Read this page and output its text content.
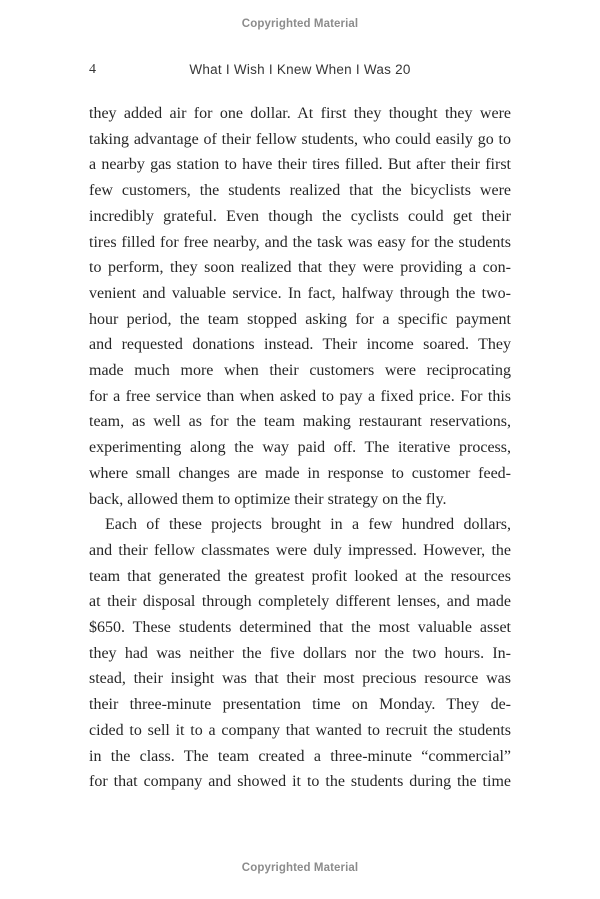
Copyrighted Material
4	What I Wish I Knew When I Was 20
they added air for one dollar. At first they thought they were
taking advantage of their fellow students, who could easily go to
a nearby gas station to have their tires filled. But after their first
few customers, the students realized that the bicyclists were
incredibly grateful. Even though the cyclists could get their
tires filled for free nearby, and the task was easy for the students
to perform, they soon realized that they were providing a con-
venient and valuable service. In fact, halfway through the two-
hour period, the team stopped asking for a specific payment
and requested donations instead. Their income soared. They
made much more when their customers were reciprocating
for a free service than when asked to pay a fixed price. For this
team, as well as for the team making restaurant reservations,
experimenting along the way paid off. The iterative process,
where small changes are made in response to customer feed-
back, allowed them to optimize their strategy on the fly.
Each of these projects brought in a few hundred dollars,
and their fellow classmates were duly impressed. However, the
team that generated the greatest profit looked at the resources
at their disposal through completely different lenses, and made
$650. These students determined that the most valuable asset
they had was neither the five dollars nor the two hours. In-
stead, their insight was that their most precious resource was
their three-minute presentation time on Monday. They de-
cided to sell it to a company that wanted to recruit the students
in the class. The team created a three-minute “commercial”
for that company and showed it to the students during the time
Copyrighted Material
